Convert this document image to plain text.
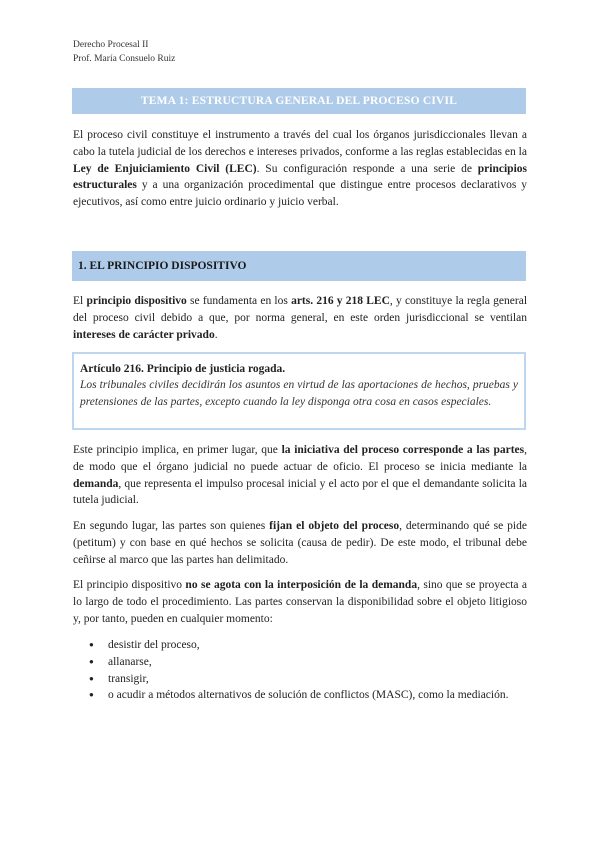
Derecho Procesal II
Prof. María Consuelo Ruiz
TEMA 1: ESTRUCTURA GENERAL DEL PROCESO CIVIL
El proceso civil constituye el instrumento a través del cual los órganos jurisdiccionales llevan a cabo la tutela judicial de los derechos e intereses privados, conforme a las reglas establecidas en la Ley de Enjuiciamiento Civil (LEC). Su configuración responde a una serie de principios estructurales y a una organización procedimental que distingue entre procesos declarativos y ejecutivos, así como entre juicio ordinario y juicio verbal.
1. EL PRINCIPIO DISPOSITIVO
El principio dispositivo se fundamenta en los arts. 216 y 218 LEC, y constituye la regla general del proceso civil debido a que, por norma general, en este orden jurisdiccional se ventilan intereses de carácter privado.
Artículo 216. Principio de justicia rogada.
Los tribunales civiles decidirán los asuntos en virtud de las aportaciones de hechos, pruebas y pretensiones de las partes, excepto cuando la ley disponga otra cosa en casos especiales.
Este principio implica, en primer lugar, que la iniciativa del proceso corresponde a las partes, de modo que el órgano judicial no puede actuar de oficio. El proceso se inicia mediante la demanda, que representa el impulso procesal inicial y el acto por el que el demandante solicita la tutela judicial.
En segundo lugar, las partes son quienes fijan el objeto del proceso, determinando qué se pide (petitum) y con base en qué hechos se solicita (causa de pedir). De este modo, el tribunal debe ceñirse al marco que las partes han delimitado.
El principio dispositivo no se agota con la interposición de la demanda, sino que se proyecta a lo largo de todo el procedimiento. Las partes conservan la disponibilidad sobre el objeto litigioso y, por tanto, pueden en cualquier momento:
● desistir del proceso,
● allanarse,
● transigir,
● o acudir a métodos alternativos de solución de conflictos (MASC), como la mediación.
